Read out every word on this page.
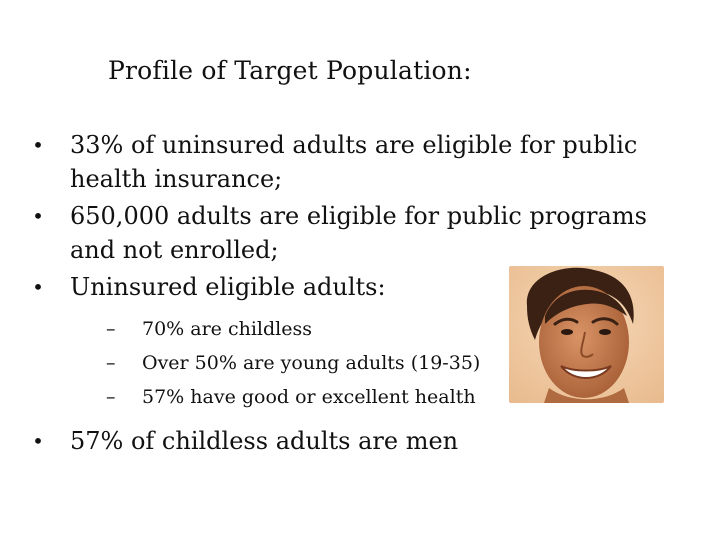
Profile of Target Population:
• 33% of uninsured adults are eligible for public health insurance;
• 650,000 adults are eligible for public programs and not enrolled;
• Uninsured eligible adults:
– 70% are childless
– Over 50% are young adults (19-35)
– 57% have good or excellent health
• 57% of childless adults are men
